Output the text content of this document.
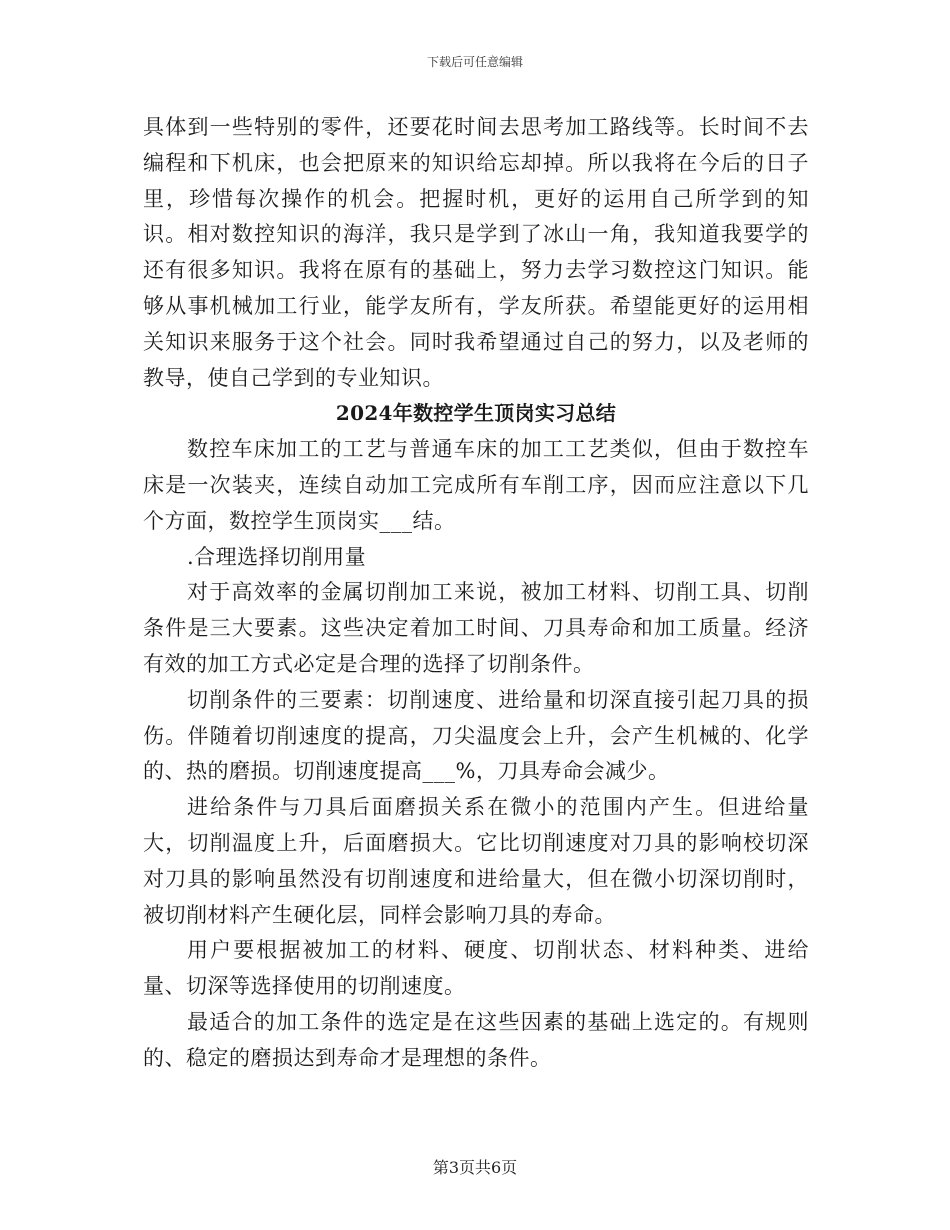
下载后可任意编辑

具体到一些特别的零件，还要花时间去思考加工路线等。长时间不去编程和下机床，也会把原来的知识给忘却掉。所以我将在今后的日子里，珍惜每次操作的机会。把握时机，更好的运用自己所学到的知识。相对数控知识的海洋，我只是学到了冰山一角，我知道我要学的还有很多知识。我将在原有的基础上，努力去学习数控这门知识。能够从事机械加工行业，能学友所有，学友所获。希望能更好的运用相关知识来服务于这个社会。同时我希望通过自己的努力，以及老师的教导，使自己学到的专业知识。

2024年数控学生顶岗实习总结

数控车床加工的工艺与普通车床的加工工艺类似，但由于数控车床是一次装夹，连续自动加工完成所有车削工序，因而应注意以下几个方面，数控学生顶岗实___结。

.合理选择切削用量

对于高效率的金属切削加工来说，被加工材料、切削工具、切削条件是三大要素。这些决定着加工时间、刀具寿命和加工质量。经济有效的加工方式必定是合理的选择了切削条件。

切削条件的三要素：切削速度、进给量和切深直接引起刀具的损伤。伴随着切削速度的提高，刀尖温度会上升，会产生机械的、化学的、热的磨损。切削速度提高___%，刀具寿命会减少。

进给条件与刀具后面磨损关系在微小的范围内产生。但进给量大，切削温度上升，后面磨损大。它比切削速度对刀具的影响校切深对刀具的影响虽然没有切削速度和进给量大，但在微小切深切削时，被切削材料产生硬化层，同样会影响刀具的寿命。

用户要根据被加工的材料、硬度、切削状态、材料种类、进给量、切深等选择使用的切削速度。

最适合的加工条件的选定是在这些因素的基础上选定的。有规则的、稳定的磨损达到寿命才是理想的条件。

第3页共6页
